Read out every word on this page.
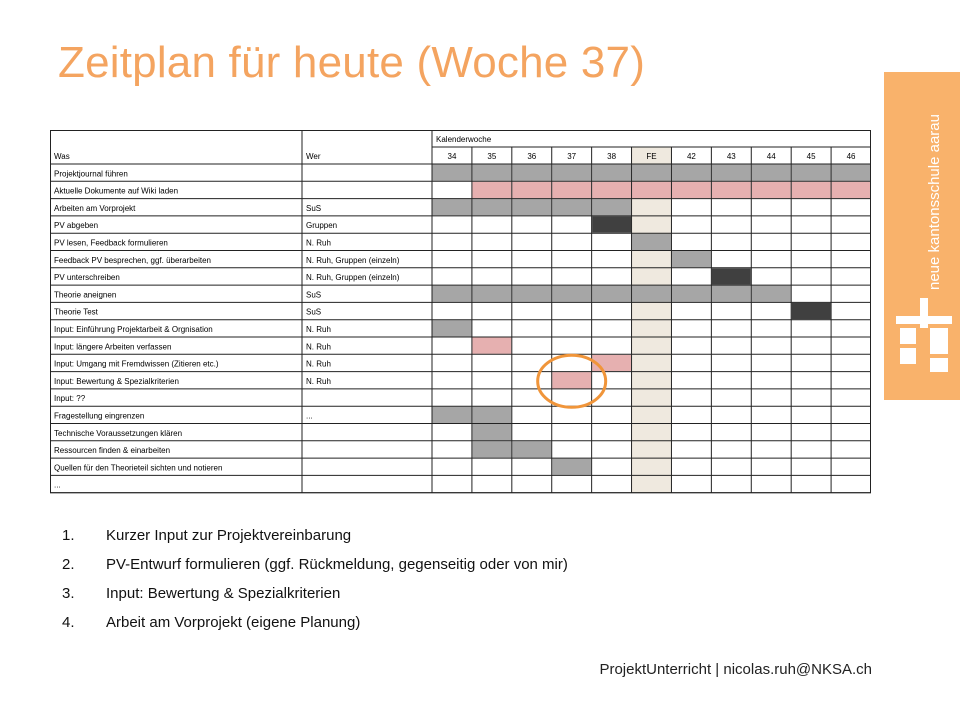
Zeitplan für heute (Woche 37)
neue kantonsschule aarau
Kalenderwoche
Was	Wer	34	35	36	37	38	FE	42	43	44	45	46
Projektjournal führen
Aktuelle Dokumente auf Wiki laden
Arbeiten am Vorprojekt	SuS
PV abgeben	Gruppen
PV lesen, Feedback formulieren	N. Ruh
Feedback PV besprechen, ggf. überarbeiten	N. Ruh, Gruppen (einzeln)
PV unterschreiben	N. Ruh, Gruppen (einzeln)
Theorie aneignen	SuS
Theorie Test	SuS
Input: Einführung Projektarbeit & Orgnisation	N. Ruh
Input: längere Arbeiten verfassen	N. Ruh
Input: Umgang mit Fremdwissen (Zitieren etc.)	N. Ruh
Input: Bewertung & Spezialkriterien	N. Ruh
Input: ??
Fragestellung eingrenzen	...
Technische Voraussetzungen klären
Ressourcen finden & einarbeiten
Quellen für den Theorieteil sichten und notieren
...
1. Kurzer Input zur Projektvereinbarung
2. PV-Entwurf formulieren (ggf. Rückmeldung, gegenseitig oder von mir)
3. Input: Bewertung & Spezialkriterien
4. Arbeit am Vorprojekt (eigene Planung)
ProjektUnterricht | nicolas.ruh@NKSA.ch
